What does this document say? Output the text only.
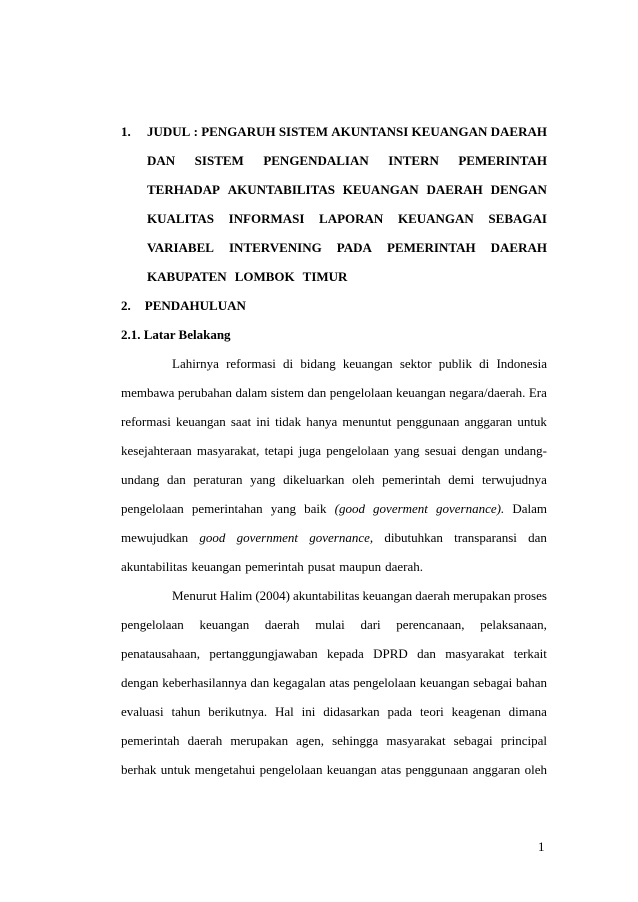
1. JUDUL : PENGARUH SISTEM AKUNTANSI KEUANGAN DAERAH
DAN SISTEM PENGENDALIAN INTERN PEMERINTAH
TERHADAP AKUNTABILITAS KEUANGAN DAERAH DENGAN
KUALITAS INFORMASI LAPORAN KEUANGAN SEBAGAI
VARIABEL INTERVENING PADA PEMERINTAH DAERAH
KABUPATEN LOMBOK TIMUR
2. PENDAHULUAN
2.1. Latar Belakang
Lahirnya reformasi di bidang keuangan sektor publik di Indonesia
membawa perubahan dalam sistem dan pengelolaan keuangan negara/daerah. Era
reformasi keuangan saat ini tidak hanya menuntut penggunaan anggaran untuk
kesejahteraan masyarakat, tetapi juga pengelolaan yang sesuai dengan undang-
undang dan peraturan yang dikeluarkan oleh pemerintah demi terwujudnya
pengelolaan pemerintahan yang baik (good goverment governance). Dalam
mewujudkan good government governance, dibutuhkan transparansi dan
akuntabilitas keuangan pemerintah pusat maupun daerah.
Menurut Halim (2004) akuntabilitas keuangan daerah merupakan proses
pengelolaan keuangan daerah mulai dari perencanaan, pelaksanaan,
penatausahaan, pertanggungjawaban kepada DPRD dan masyarakat terkait
dengan keberhasilannya dan kegagalan atas pengelolaan keuangan sebagai bahan
evaluasi tahun berikutnya. Hal ini didasarkan pada teori keagenan dimana
pemerintah daerah merupakan agen, sehingga masyarakat sebagai principal
berhak untuk mengetahui pengelolaan keuangan atas penggunaan anggaran oleh
1
